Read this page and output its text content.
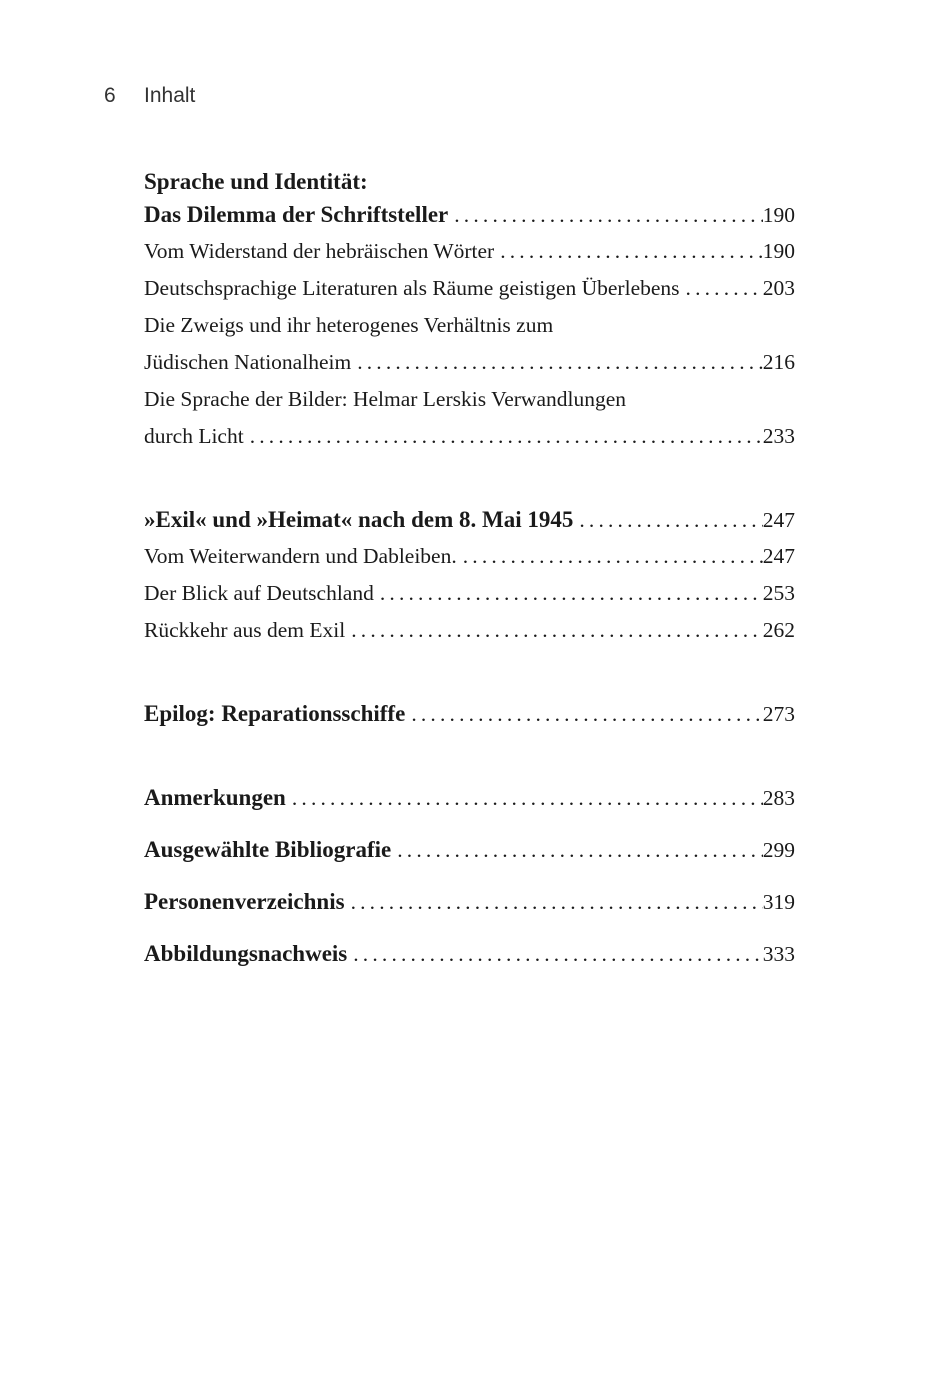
6 Inhalt
Sprache und Identität:
Das Dilemma der Schriftsteller . . .	190
Vom Widerstand der hebräischen Wörter . . .	190
Deutschsprachige Literaturen als Räume geistigen Überlebens . . .	203
Die Zweigs und ihr heterogenes Verhältnis zum
Jüdischen Nationalheim . . .	216
Die Sprache der Bilder: Helmar Lerskis Verwandlungen
durch Licht . . .	233
»Exil« und »Heimat« nach dem 8. Mai 1945 . . .	247
Vom Weiterwandern und Dableiben. . . .	247
Der Blick auf Deutschland . . .	253
Rückkehr aus dem Exil . . .	262
Epilog: Reparationsschiffe . . .	273
Anmerkungen . . .	283
Ausgewählte Bibliografie . . .	299
Personenverzeichnis . . .	319
Abbildungsnachweis . . .	333
